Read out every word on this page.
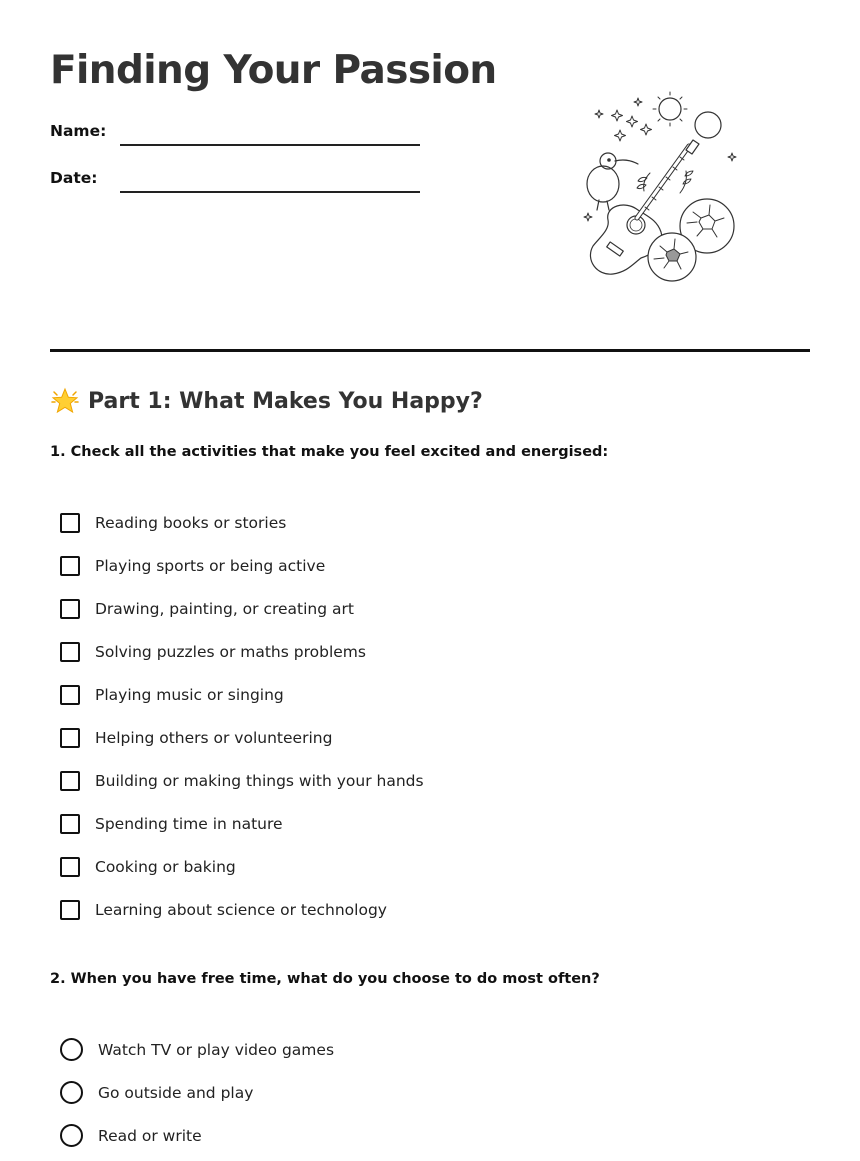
Finding Your Passion
Name:
Date:
Part 1: What Makes You Happy?

1. Check all the activities that make you feel excited and energised:

Reading books or stories
Playing sports or being active
Drawing, painting, or creating art
Solving puzzles or maths problems
Playing music or singing
Helping others or volunteering
Building or making things with your hands
Spending time in nature
Cooking or baking
Learning about science or technology

2. When you have free time, what do you choose to do most often?

Watch TV or play video games
Go outside and play
Read or write
